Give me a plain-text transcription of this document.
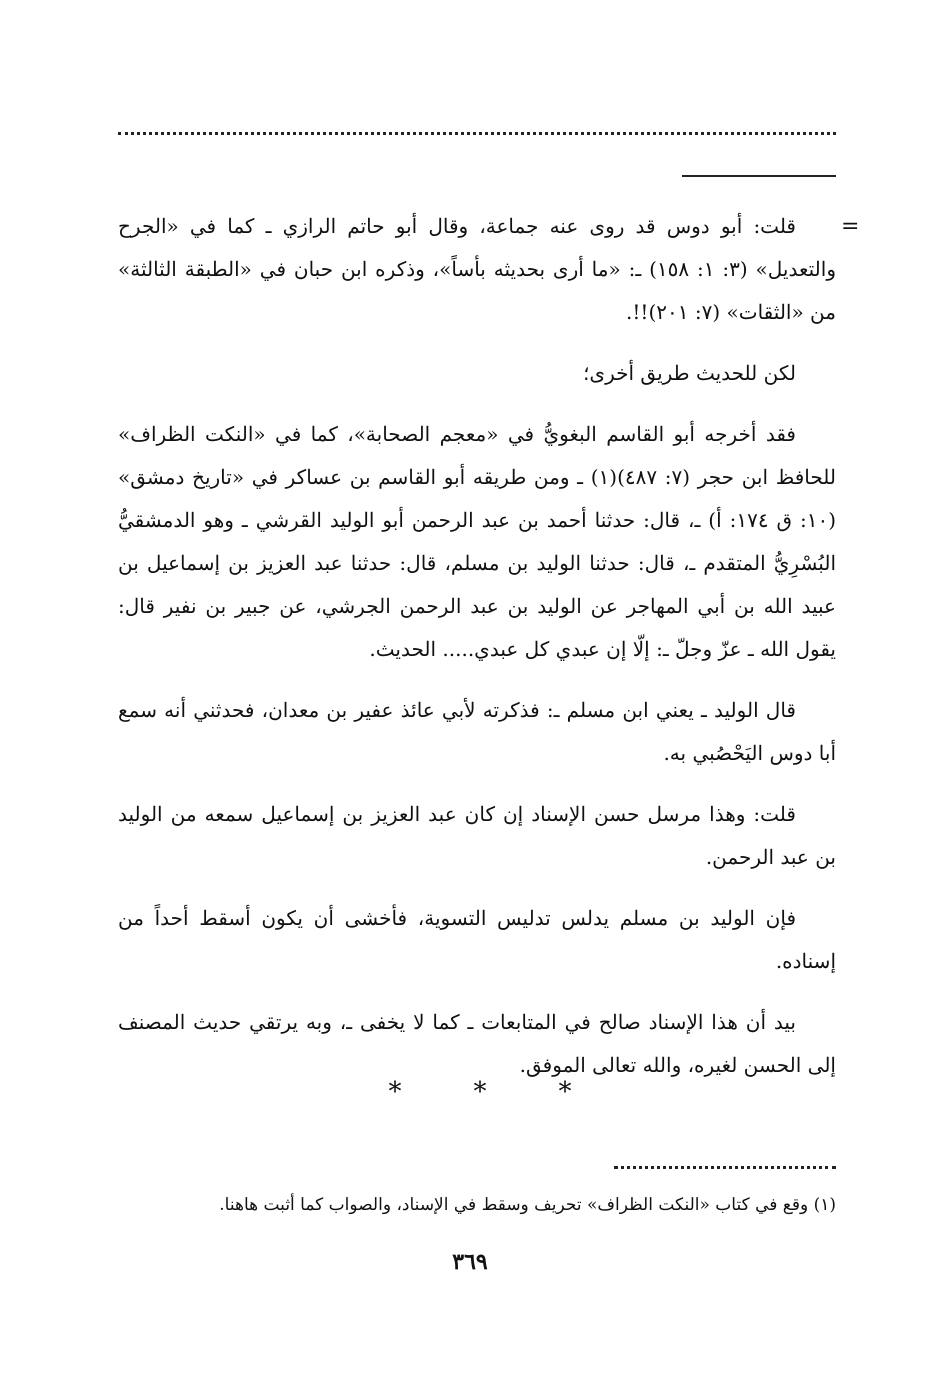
=

قلت: أبو دوس قد روى عنه جماعة، وقال أبو حاتم الرازي ـ كما في «الجرح والتعديل» (٣: ١: ١٥٨) ـ: «ما أرى بحديثه بأساً»، وذكره ابن حبان في «الطبقة الثالثة» من «الثقات» (٧: ٢٠١)!!.

لكن للحديث طريق أخرى؛

فقد أخرجه أبو القاسم البغويُّ في «معجم الصحابة»، كما في «النكت الظراف» للحافظ ابن حجر (٧: ٤٨٧)(١) ـ ومن طريقه أبو القاسم بن عساكر في «تاريخ دمشق» (١٠: ق ١٧٤: أ) ـ، قال: حدثنا أحمد بن عبد الرحمن أبو الوليد القرشي ـ وهو الدمشقيُّ البُسْرِيُّ المتقدم ـ، قال: حدثنا الوليد بن مسلم، قال: حدثنا عبد العزيز بن إسماعيل بن عبيد الله بن أبي المهاجر عن الوليد بن عبد الرحمن الجرشي، عن جبير بن نفير قال: يقول الله ـ عزّ وجلّ ـ: إلّا إن عبدي كل عبدي..... الحديث.

قال الوليد ـ يعني ابن مسلم ـ: فذكرته لأبي عائذ عفير بن معدان، فحدثني أنه سمع أبا دوس اليَحْصُبي به.

قلت: وهذا مرسل حسن الإسناد إن كان عبد العزيز بن إسماعيل سمعه من الوليد بن عبد الرحمن.

فإن الوليد بن مسلم يدلس تدليس التسوية، فأخشى أن يكون أسقط أحداً من إسناده.

بيد أن هذا الإسناد صالح في المتابعات ـ كما لا يخفى ـ، وبه يرتقي حديث المصنف إلى الحسن لغيره، والله تعالى الموفق.

*	*	*
(١) وقع في كتاب «النكت الظراف» تحريف وسقط في الإسناد، والصواب كما أثبت هاهنا.
٣٦٩
